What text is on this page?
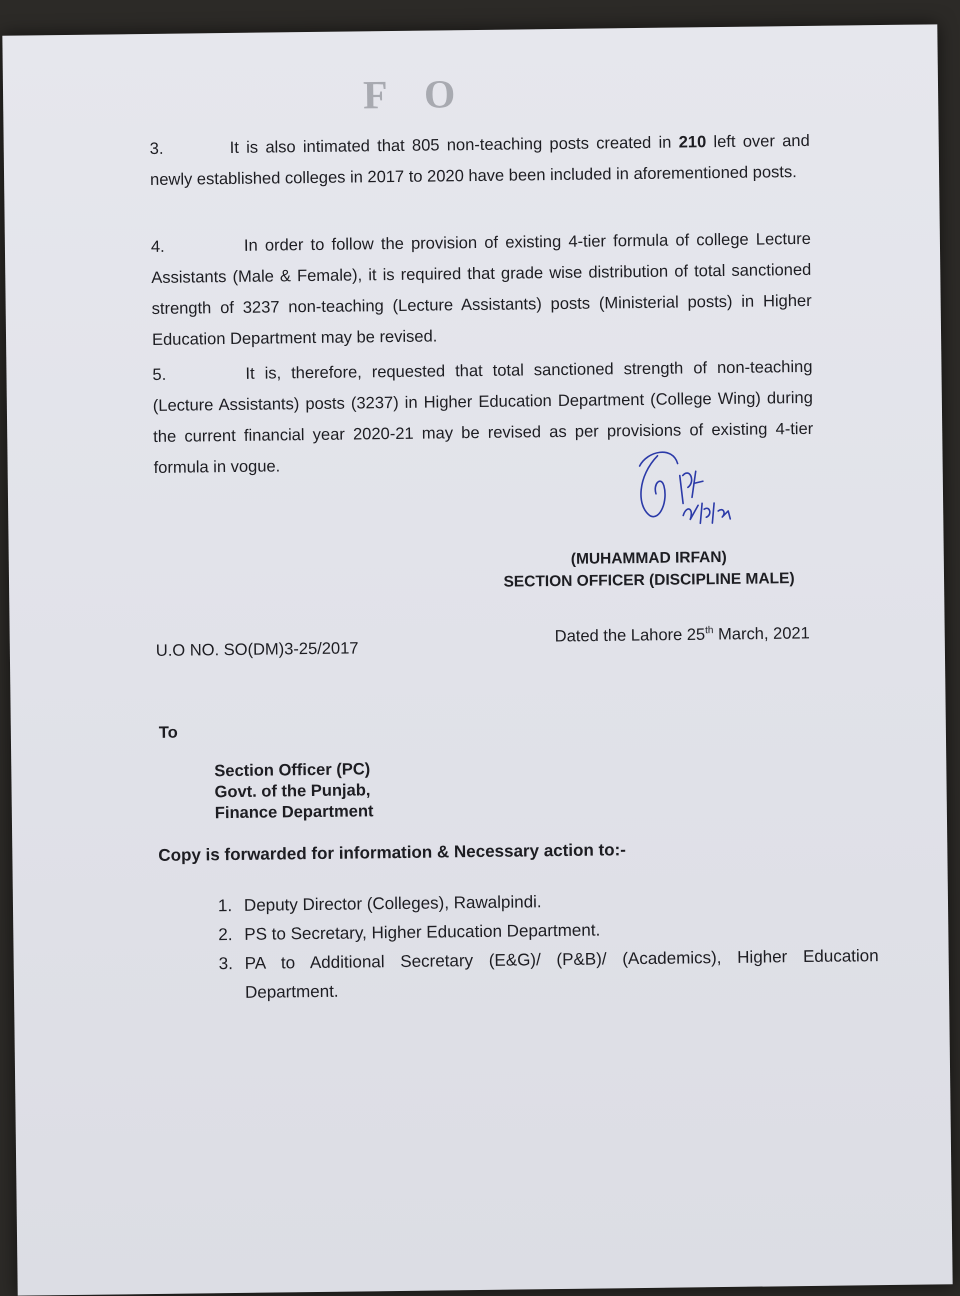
F O

3.	It is also intimated that 805 non-teaching posts created in 210 left over and newly established colleges in 2017 to 2020 have been included in aforementioned posts.

4.	In order to follow the provision of existing 4-tier formula of college Lecture Assistants (Male & Female), it is required that grade wise distribution of total sanctioned strength of 3237 non-teaching (Lecture Assistants) posts (Ministerial posts) in Higher Education Department may be revised.

5.	It is, therefore, requested that total sanctioned strength of non-teaching (Lecture Assistants) posts (3237) in Higher Education Department (College Wing) during the current financial year 2020-21 may be revised as per provisions of existing 4-tier formula in vogue.

(MUHAMMAD IRFAN)
SECTION OFFICER (DISCIPLINE MALE)
U.O NO. SO(DM)3-25/2017
Dated the Lahore 25th March, 2021
To
Section Officer (PC)
Govt. of the Punjab,
Finance Department
Copy is forwarded for information & Necessary action to:-
1. Deputy Director (Colleges), Rawalpindi.
2. PS to Secretary, Higher Education Department.
3. PA to Additional Secretary (E&G)/ (P&B)/ (Academics), Higher Education Department.
